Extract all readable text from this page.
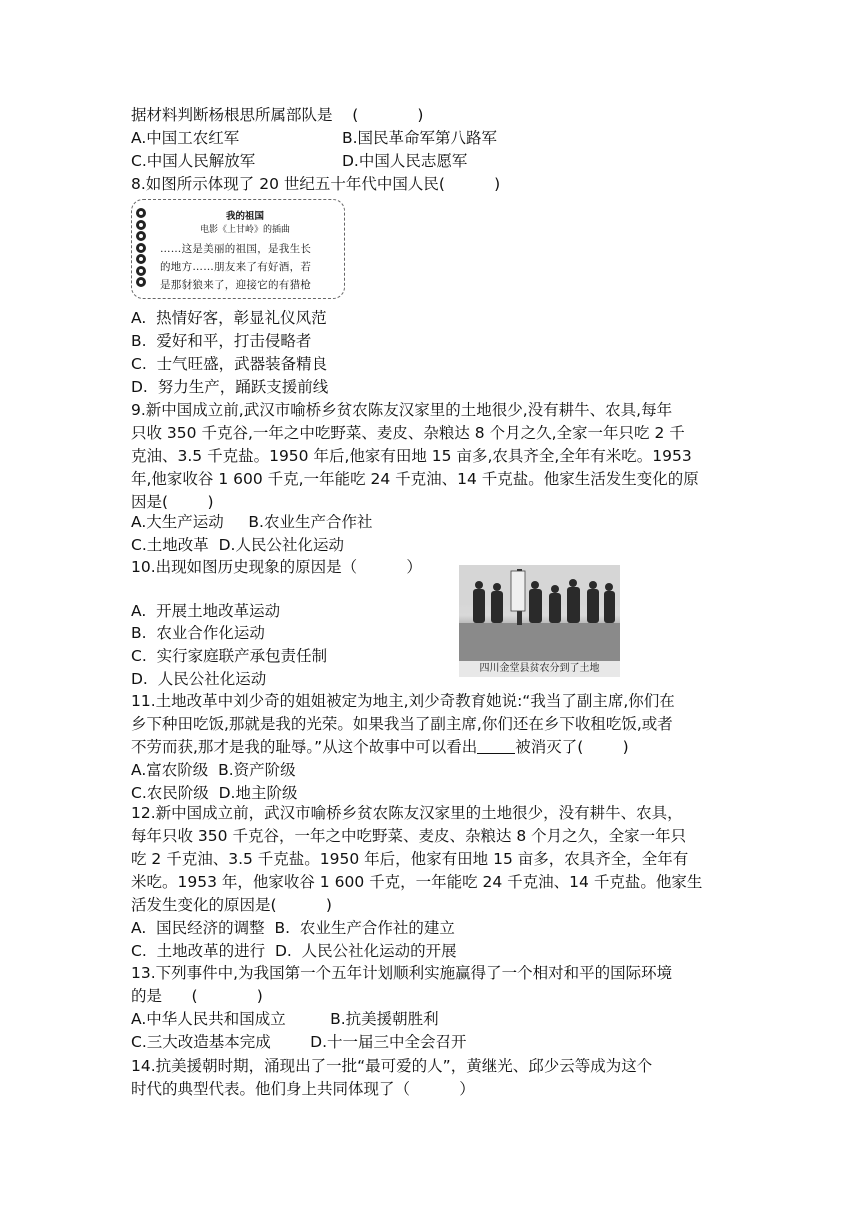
据材料判断杨根思所属部队是    (            )
A.中国工农红军	B.国民革命军第八路军
C.中国人民解放军	D.中国人民志愿军
8.如图所示体现了 20 世纪五十年代中国人民(          )
我的祖国
电影《上甘岭》的插曲
……这是美丽的祖国，是我生长
的地方……朋友来了有好酒，若
是那豺狼来了，迎接它的有猎枪
A.  热情好客，彰显礼仪风范
B.  爱好和平，打击侵略者
C.  士气旺盛，武器装备精良
D.  努力生产，踊跃支援前线
9.新中国成立前,武汉市喻桥乡贫农陈友汉家里的土地很少,没有耕牛、农具,每年
只收 350 千克谷,一年之中吃野菜、麦皮、杂粮达 8 个月之久,全家一年只吃 2 千
克油、3.5 千克盐。1950 年后,他家有田地 15 亩多,农具齐全,全年有米吃。1953
年,他家收谷 1 600 千克,一年能吃 24 千克油、14 千克盐。他家生活发生变化的原
因是(        )
A.大生产运动     B.农业生产合作社
C.土地改革  D.人民公社化运动
10.出现如图历史现象的原因是（          ）
四川金堂县贫农分到了土地
A.  开展土地改革运动
B.  农业合作化运动
C.  实行家庭联产承包责任制
D.  人民公社化运动
11.土地改革中刘少奇的姐姐被定为地主,刘少奇教育她说:“我当了副主席,你们在
乡下种田吃饭,那就是我的光荣。如果我当了副主席,你们还在乡下收租吃饭,或者
不劳而获,那才是我的耻辱。”从这个故事中可以看出 被消灭了(        )
A.富农阶级  B.资产阶级
C.农民阶级  D.地主阶级
12.新中国成立前，武汉市喻桥乡贫农陈友汉家里的土地很少，没有耕牛、农具，
每年只收 350 千克谷，一年之中吃野菜、麦皮、杂粮达 8 个月之久，全家一年只
吃 2 千克油、3.5 千克盐。1950 年后，他家有田地 15 亩多，农具齐全，全年有
米吃。1953 年，他家收谷 1 600 千克，一年能吃 24 千克油、14 千克盐。他家生
活发生变化的原因是(          )
A.  国民经济的调整  B.  农业生产合作社的建立
C.  土地改革的进行  D.  人民公社化运动的开展
13.下列事件中,为我国第一个五年计划顺利实施赢得了一个相对和平的国际环境
的是      (            )
A.中华人民共和国成立         B.抗美援朝胜利
C.三大改造基本完成        D.十一届三中全会召开
14.抗美援朝时期，涌现出了一批“最可爱的人”，黄继光、邱少云等成为这个
时代的典型代表。他们身上共同体现了（          ）
